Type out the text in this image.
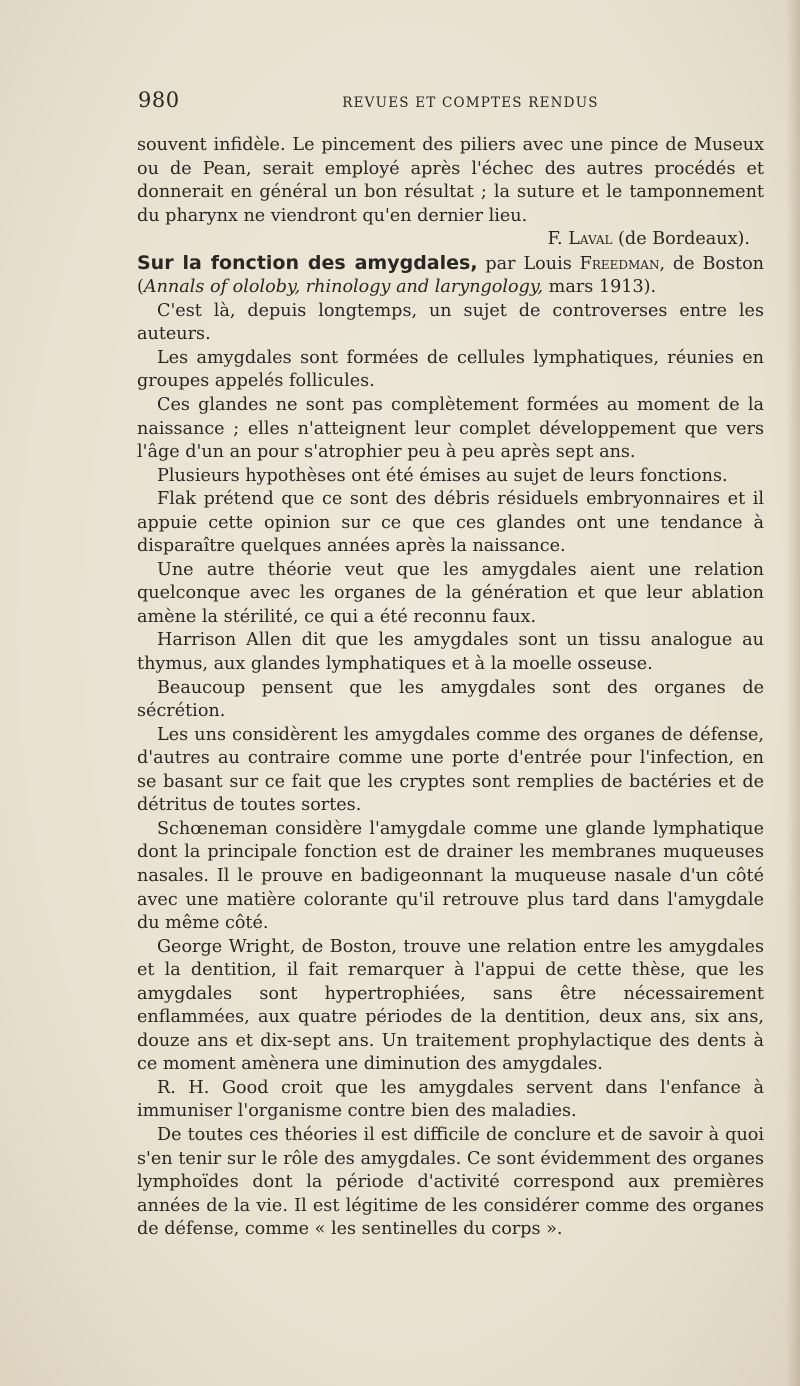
980	REVUES ET COMPTES RENDUS

souvent infidèle. Le pincement des piliers avec une pince de Museux ou de Pean, serait employé après l'échec des autres procédés et donnerait en général un bon résultat ; la suture et le tamponnement du pharynx ne viendront qu'en dernier lieu.

F. Laval (de Bordeaux).

Sur la fonction des amygdales, par Louis Freedman, de Boston (Annals of ololoby, rhinology and laryngology, mars 1913).

C'est là, depuis longtemps, un sujet de controverses entre les auteurs.

Les amygdales sont formées de cellules lymphatiques, réunies en groupes appelés follicules.

Ces glandes ne sont pas complètement formées au moment de la naissance ; elles n'atteignent leur complet développement que vers l'âge d'un an pour s'atrophier peu à peu après sept ans.

Plusieurs hypothèses ont été émises au sujet de leurs fonctions.

Flak prétend que ce sont des débris résiduels embryonnaires et il appuie cette opinion sur ce que ces glandes ont une tendance à disparaître quelques années après la naissance.

Une autre théorie veut que les amygdales aient une relation quelconque avec les organes de la génération et que leur ablation amène la stérilité, ce qui a été reconnu faux.

Harrison Allen dit que les amygdales sont un tissu analogue au thymus, aux glandes lymphatiques et à la moelle osseuse.

Beaucoup pensent que les amygdales sont des organes de sécrétion.

Les uns considèrent les amygdales comme des organes de défense, d'autres au contraire comme une porte d'entrée pour l'infection, en se basant sur ce fait que les cryptes sont remplies de bactéries et de détritus de toutes sortes.

Schœneman considère l'amygdale comme une glande lymphatique dont la principale fonction est de drainer les membranes muqueuses nasales. Il le prouve en badigeonnant la muqueuse nasale d'un côté avec une matière colorante qu'il retrouve plus tard dans l'amygdale du même côté.

George Wright, de Boston, trouve une relation entre les amygdales et la dentition, il fait remarquer à l'appui de cette thèse, que les amygdales sont hypertrophiées, sans être nécessairement enflammées, aux quatre périodes de la dentition, deux ans, six ans, douze ans et dix-sept ans. Un traitement prophylactique des dents à ce moment amènera une diminution des amygdales.

R. H. Good croit que les amygdales servent dans l'enfance à immuniser l'organisme contre bien des maladies.

De toutes ces théories il est difficile de conclure et de savoir à quoi s'en tenir sur le rôle des amygdales. Ce sont évidemment des organes lymphoïdes dont la période d'activité correspond aux premières années de la vie. Il est légitime de les considérer comme des organes de défense, comme « les sentinelles du corps ».
